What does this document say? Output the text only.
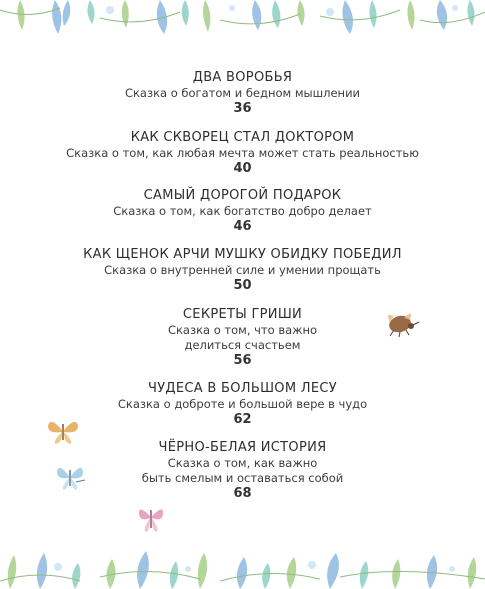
ДВА ВОРОБЬЯ
Сказка о богатом и бедном мышлении
36
КАК СКВОРЕЦ СТАЛ ДОКТОРОМ
Сказка о том, как любая мечта может стать реальностью
40
САМЫЙ ДОРОГОЙ ПОДАРОК
Сказка о том, как богатство добро делает
46
КАК ЩЕНОК АРЧИ МУШКУ ОБИДКУ ПОБЕДИЛ
Сказка о внутренней силе и умении прощать
50
СЕКРЕТЫ ГРИШИ
Сказка о том, что важно
делиться счастьем
56
ЧУДЕСА В БОЛЬШОМ ЛЕСУ
Сказка о доброте и большой вере в чудо
62
ЧЁРНО-БЕЛАЯ ИСТОРИЯ
Сказка о том, как важно
быть смелым и оставаться собой
68
